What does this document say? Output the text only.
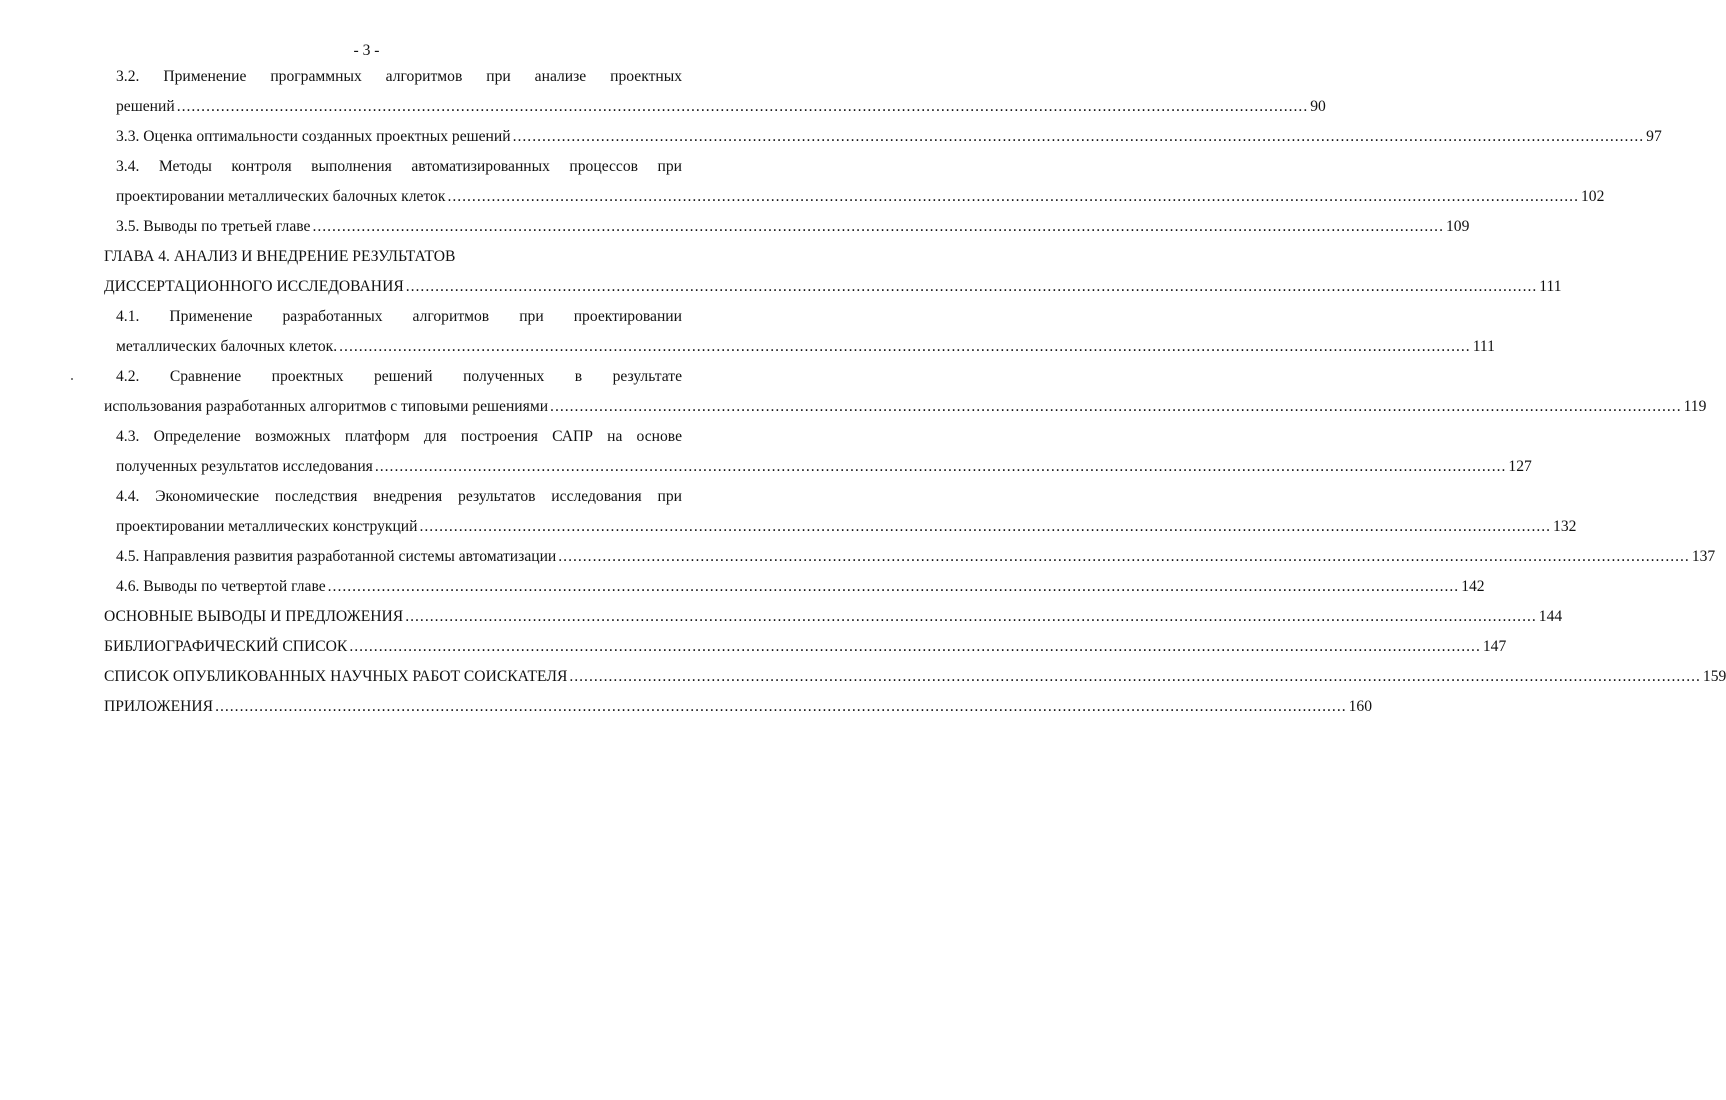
- 3 -
3.2. Применение программных алгоритмов при анализе проектных
решений .....	90
3.3. Оценка оптимальности созданных проектных решений .....	97
3.4. Методы контроля выполнения автоматизированных процессов при
проектировании металлических балочных клеток .....	102
3.5. Выводы по третьей главе .....	109
ГЛАВА 4. АНАЛИЗ И ВНЕДРЕНИЕ РЕЗУЛЬТАТОВ
ДИССЕРТАЦИОННОГО ИССЛЕДОВАНИЯ .....	111
4.1. Применение разработанных алгоритмов при проектировании
металлических балочных клеток. .....	111
4.2. Сравнение проектных решений полученных в результате
использования разработанных алгоритмов с типовыми решениями .....	119
4.3. Определение возможных платформ для построения САПР на основе
полученных результатов исследования .....	127
4.4. Экономические последствия внедрения результатов исследования при
проектировании металлических конструкций .....	132
4.5. Направления развития разработанной системы автоматизации .....	137
4.6. Выводы по четвертой главе .....	142
ОСНОВНЫЕ ВЫВОДЫ И ПРЕДЛОЖЕНИЯ .....	144
БИБЛИОГРАФИЧЕСКИЙ СПИСОК .....	147
СПИСОК ОПУБЛИКОВАННЫХ НАУЧНЫХ РАБОТ СОИСКАТЕЛЯ .....	159
ПРИЛОЖЕНИЯ .....	160
